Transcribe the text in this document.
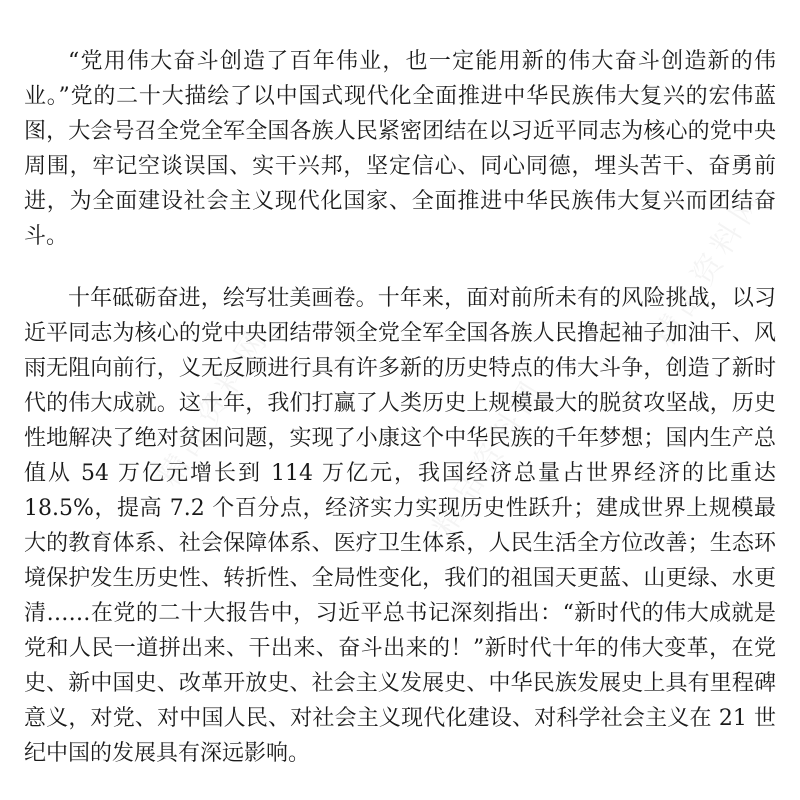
精品资料网	精品资料网
精品资料网

“党用伟大奋斗创造了百年伟业，也一定能用新的伟大奋斗创造新的伟业。”党的二十大描绘了以中国式现代化全面推进中华民族伟大复兴的宏伟蓝图，大会号召全党全军全国各族人民紧密团结在以习近平同志为核心的党中央周围，牢记空谈误国、实干兴邦，坚定信心、同心同德，埋头苦干、奋勇前进，为全面建设社会主义现代化国家、全面推进中华民族伟大复兴而团结奋斗。

十年砥砺奋进，绘写壮美画卷。十年来，面对前所未有的风险挑战，以习近平同志为核心的党中央团结带领全党全军全国各族人民撸起袖子加油干、风雨无阻向前行，义无反顾进行具有许多新的历史特点的伟大斗争，创造了新时代的伟大成就。这十年，我们打赢了人类历史上规模最大的脱贫攻坚战，历史性地解决了绝对贫困问题，实现了小康这个中华民族的千年梦想；国内生产总值从 54 万亿元增长到 114 万亿元，我国经济总量占世界经济的比重达 18.5%，提高 7.2 个百分点，经济实力实现历史性跃升；建成世界上规模最大的教育体系、社会保障体系、医疗卫生体系，人民生活全方位改善；生态环境保护发生历史性、转折性、全局性变化，我们的祖国天更蓝、山更绿、水更清……在党的二十大报告中，习近平总书记深刻指出：“新时代的伟大成就是党和人民一道拼出来、干出来、奋斗出来的！”新时代十年的伟大变革，在党史、新中国史、改革开放史、社会主义发展史、中华民族发展史上具有里程碑意义，对党、对中国人民、对社会主义现代化建设、对科学社会主义在 21 世纪中国的发展具有深远影响。
